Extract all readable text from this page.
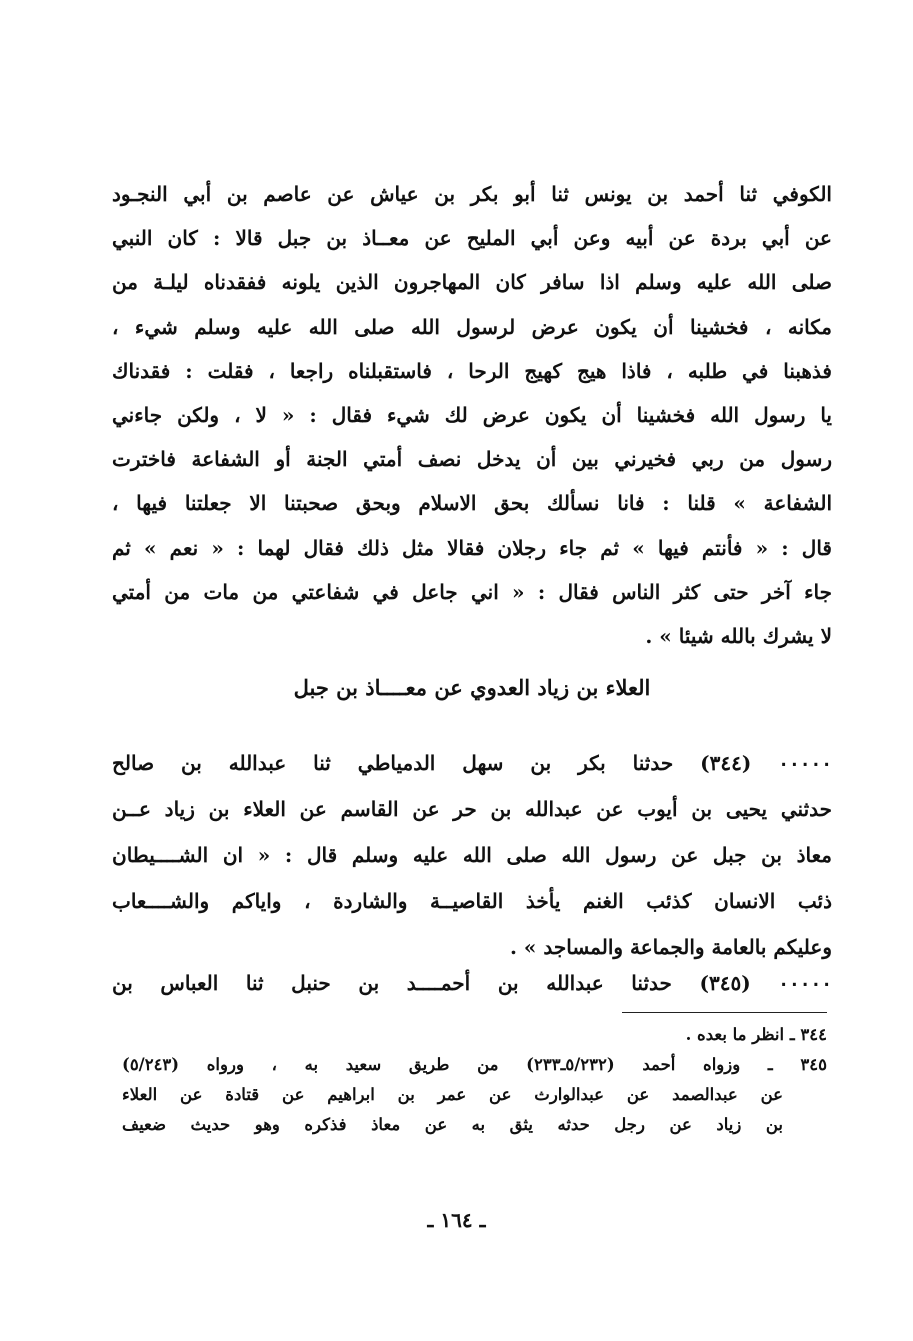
الكوفي ثنا أحمد بن يونس ثنا أبو بكر بن عياش عن عاصم بن أبي النجـود
عن أبي بردة عن أبيه وعن أبي المليح عن معــاذ بن جبل قالا : كان النبي
صلى الله عليه وسلم اذا سافر كان المهاجرون الذين يلونه ففقدناه ليلـة من
مكانه ، فخشينا أن يكون عرض لرسول الله صلى الله عليه وسلم شيء ،
فذهبنا في طلبه ، فاذا هيج كهيج الرحا ، فاستقبلناه راجعا ، فقلت : فقدناك
يا رسول الله فخشينا أن يكون عرض لك شيء فقال : « لا ، ولكن جاءني
رسول من ربي فخيرني بين أن يدخل نصف أمتي الجنة أو الشفاعة فاخترت
الشفاعة » قلنا : فانا نسألك بحق الاسلام وبحق صحبتنا الا جعلتنا فيها ،
قال : « فأنتم فيها » ثم جاء رجلان فقالا مثل ذلك فقال لهما : « نعم » ثم
جاء آخر حتى كثر الناس فقال : « اني جاعل في شفاعتي من مات من أمتي
لا يشرك بالله شيئا » .
العلاء بن زياد العدوي عن معــــاذ بن جبل
٠٠٠٠٠ (٣٤٤) حدثنا بكر بن سهل الدمياطي ثنا عبدالله بن صالح
حدثني يحيى بن أيوب عن عبدالله بن حر عن القاسم عن العلاء بن زياد عــن
معاذ بن جبل عن رسول الله صلى الله عليه وسلم قال : « ان الشــــيطان
ذئب الانسان كذئب الغنم يأخذ القاصيــة والشاردة ، واياكم والشــــعاب
وعليكم بالعامة والجماعة والمساجد » .
٠٠٠٠٠ (٣٤٥) حدثنا عبدالله بن أحمــــد بن حنبل ثنا العباس بن
٣٤٤ ـ انظر ما بعده .
٣٤٥ ـ وزواه أحمد (٥/٢٣٢ـ٢٣٣) من طريق سعيد به ، ورواه (٥/٢٤٣)
عن عبدالصمد عن عبدالوارث عن عمر بن ابراهيم عن قتادة عن العلاء
بن زياد عن رجل حدثه يثق به عن معاذ فذكره وهو حديث ضعيف
ـ ١٦٤ ـ
